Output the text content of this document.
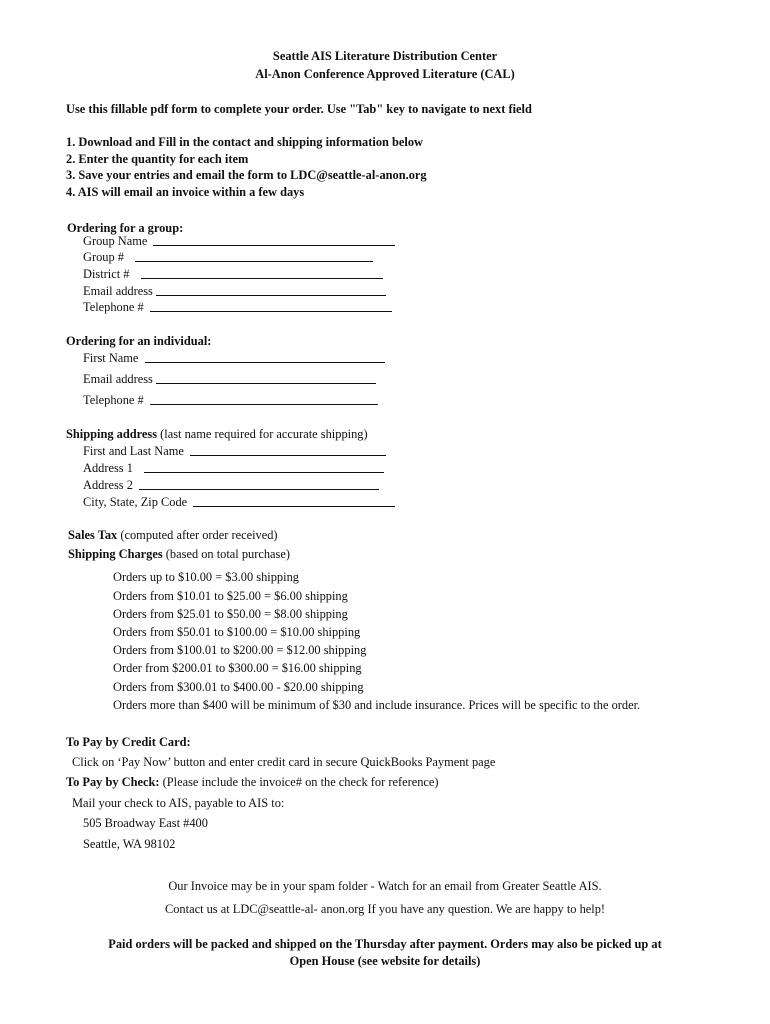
Seattle AIS Literature Distribution Center
Al-Anon Conference Approved Literature (CAL)
Use this fillable pdf form to complete your order. Use "Tab" key to navigate to next field
1. Download and Fill in the contact and shipping information below
2. Enter the quantity for each item
3. Save your entries and email the form to LDC@seattle-al-anon.org
4. AIS will email an invoice within a few days
Ordering for a group:
Group Name
Group #
District #
Email address
Telephone #
Ordering for an individual:
First Name
Email address
Telephone #
Shipping address (last name required for accurate shipping)
First and Last Name
Address 1
Address 2
City, State, Zip Code
Sales Tax (computed after order received)
Shipping Charges (based on total purchase)
Orders up to $10.00 = $3.00 shipping
Orders from $10.01 to $25.00 = $6.00 shipping
Orders from $25.01 to $50.00 = $8.00 shipping
Orders from $50.01 to $100.00 = $10.00 shipping
Orders from $100.01 to $200.00 = $12.00 shipping
Order from $200.01 to $300.00 = $16.00 shipping
Orders from $300.01 to $400.00 - $20.00 shipping
Orders more than $400 will be minimum of $30 and include insurance. Prices will be specific to the order.
To Pay by Credit Card:
Click on ‘Pay Now’ button and enter credit card in secure QuickBooks Payment page
To Pay by Check: (Please include the invoice# on the check for reference)
Mail your check to AIS, payable to AIS to:
505 Broadway East #400
Seattle, WA 98102
Our Invoice may be in your spam folder - Watch for an email from Greater Seattle AIS.
Contact us at LDC@seattle-al- anon.org If you have any question. We are happy to help!
Paid orders will be packed and shipped on the Thursday after payment. Orders may also be picked up at
Open House (see website for details)
